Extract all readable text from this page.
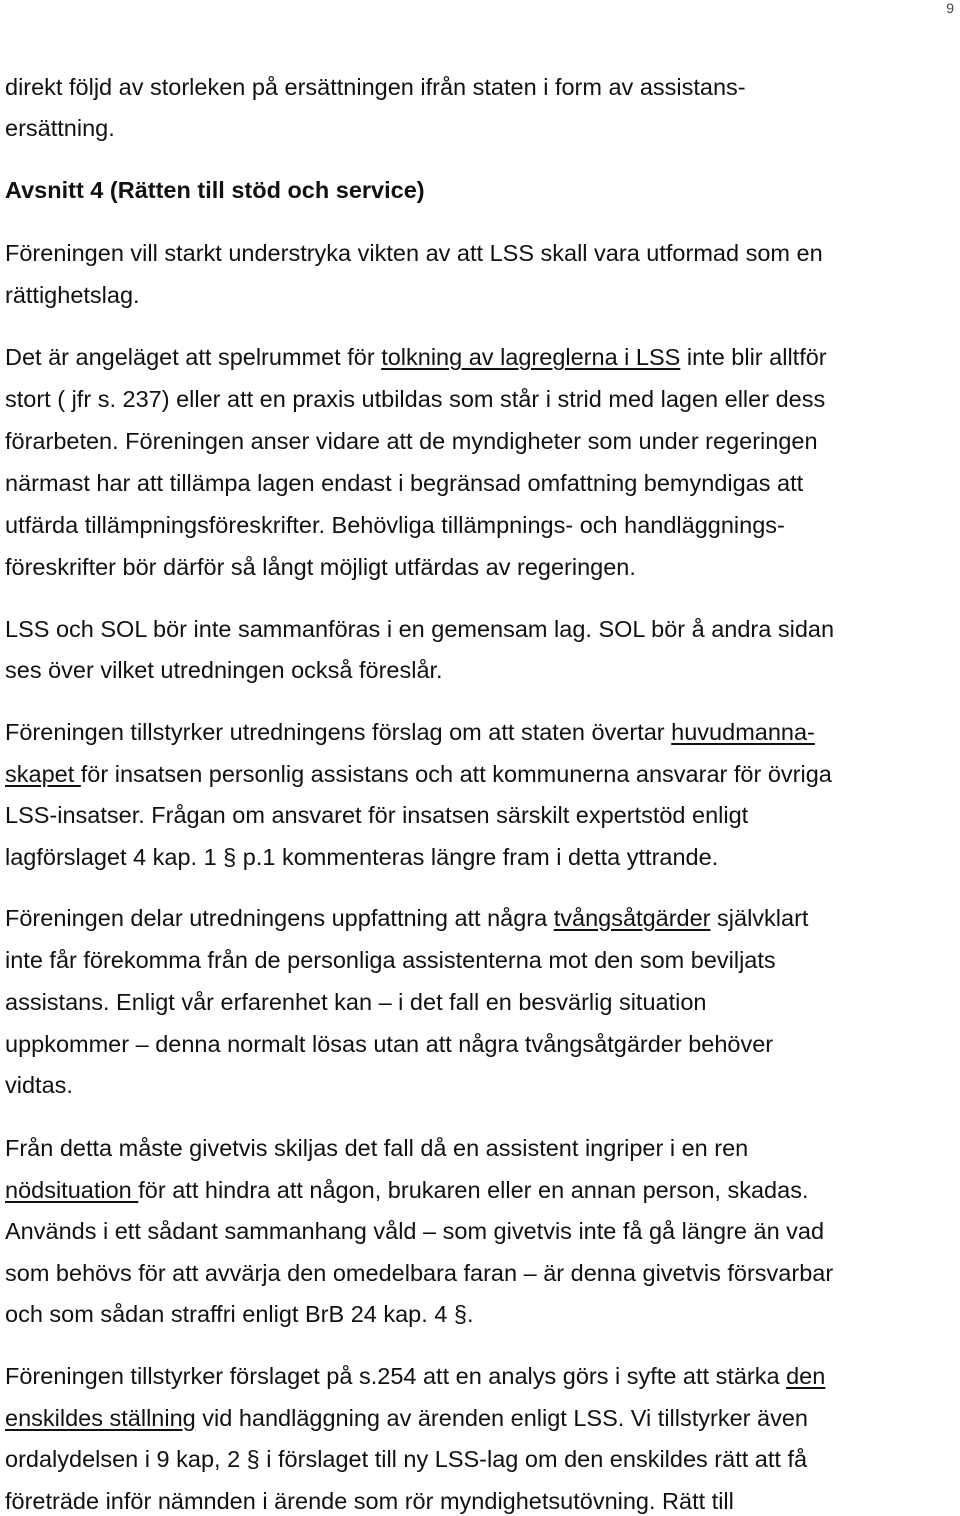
9
direkt följd av storleken på ersättningen ifrån staten i form av assistans-
ersättning.
Avsnitt 4 (Rätten till stöd och service)
Föreningen vill starkt understryka vikten av att LSS skall vara utformad som en
rättighetslag.
Det är angeläget att spelrummet för tolkning av lagreglerna i LSS inte blir alltför
stort ( jfr s. 237) eller att en praxis utbildas som står i strid med lagen eller dess
förarbeten. Föreningen anser vidare att de myndigheter som under regeringen
närmast har att tillämpa lagen endast i begränsad omfattning bemyndigas att
utfärda tillämpningsföreskrifter. Behövliga tillämpnings- och handläggnings-
föreskrifter bör därför så långt möjligt utfärdas av regeringen.
LSS och SOL bör inte sammanföras i en gemensam lag. SOL bör å andra sidan
ses över vilket utredningen också föreslår.
Föreningen tillstyrker utredningens förslag om att staten övertar huvudmanna-
skapet för insatsen personlig assistans och att kommunerna ansvarar för övriga
LSS-insatser. Frågan om ansvaret för insatsen särskilt expertstöd enligt
lagförslaget 4 kap. 1 § p.1 kommenteras längre fram i detta yttrande.
Föreningen delar utredningens uppfattning att några tvångsåtgärder självklart
inte får förekomma från de personliga assistenterna mot den som beviljats
assistans. Enligt vår erfarenhet kan – i det fall en besvärlig situation
uppkommer – denna normalt lösas utan att några tvångsåtgärder behöver
vidtas.
Från detta måste givetvis skiljas det fall då en assistent ingriper i en ren
nödsituation för att hindra att någon, brukaren eller en annan person, skadas.
Används i ett sådant sammanhang våld – som givetvis inte få gå längre än vad
som behövs för att avvärja den omedelbara faran – är denna givetvis försvarbar
och som sådan straffri enligt BrB 24 kap. 4 §.
Föreningen tillstyrker förslaget på s.254 att en analys görs i syfte att stärka den
enskildes ställning vid handläggning av ärenden enligt LSS. Vi tillstyrker även
ordalydelsen i 9 kap, 2 § i förslaget till ny LSS-lag om den enskildes rätt att få
företräde inför nämnden i ärende som rör myndighetsutövning. Rätt till
